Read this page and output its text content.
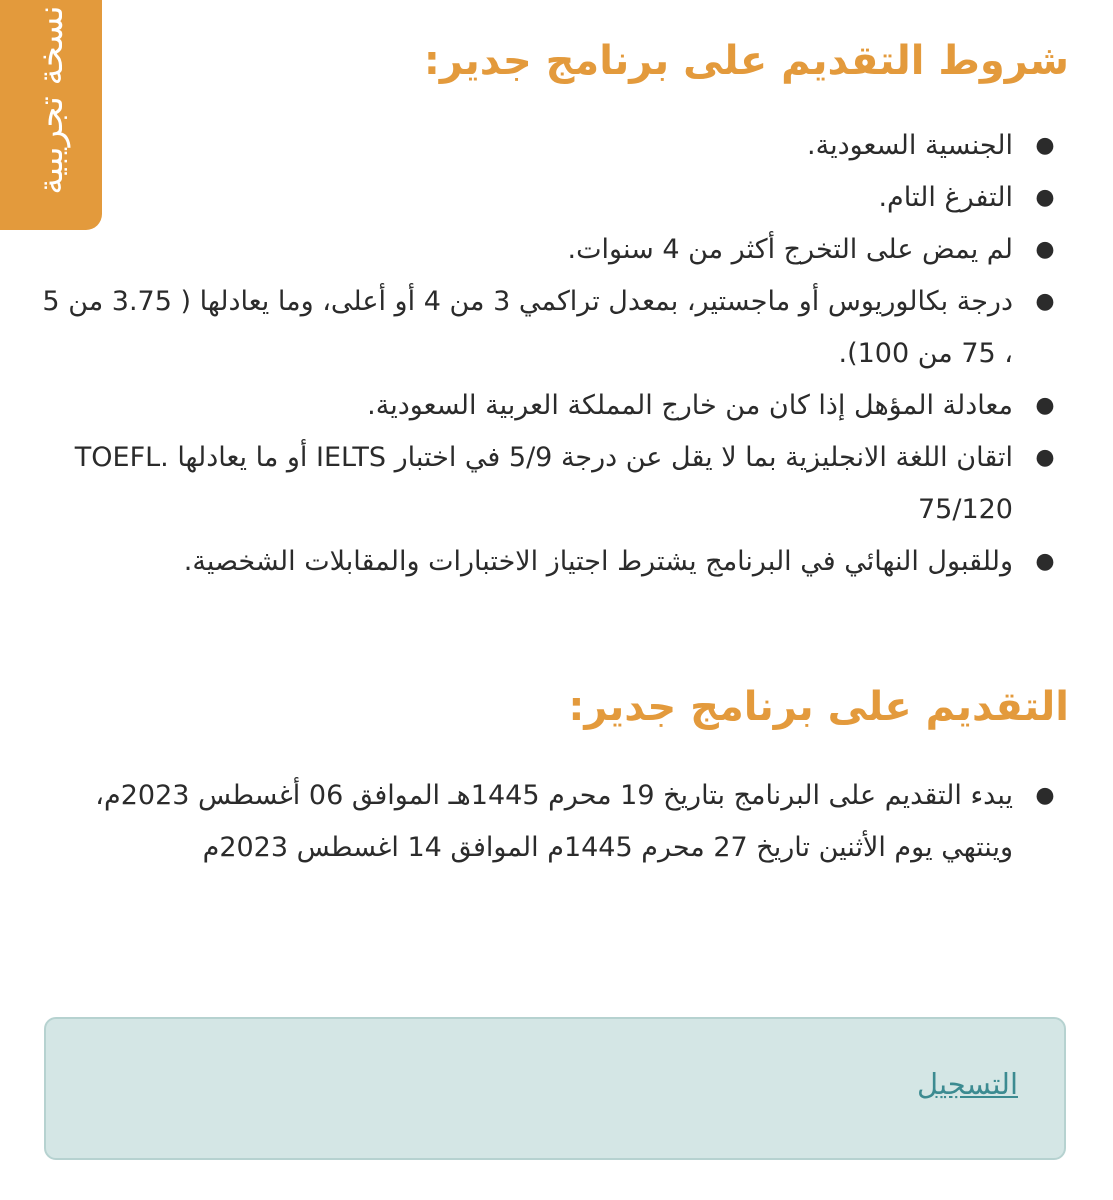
نسخة تجريبية	شروط التقديم على برنامج جدير:
●
الجنسية السعودية.
●
التفرغ التام.
●
لم يمض على التخرج أكثر من 4 سنوات.
●
درجة بكالوريوس أو ماجستير، بمعدل تراكمي 3 من 4 أو أعلى، وما يعادلها ( 3.75 من 5 ، 75 من 100).
●
معادلة المؤهل إذا كان من خارج المملكة العربية السعودية.
●
اتقان اللغة الانجليزية بما لا يقل عن درجة 5/9 في اختبار IELTS أو ما يعادلها TOEFL. 75/120
●
وللقبول النهائي في البرنامج يشترط اجتياز الاختبارات والمقابلات الشخصية.
التقديم على برنامج جدير:
●
يبدء التقديم على البرنامج بتاريخ 19 محرم 1445هـ الموافق 06 أغسطس 2023م، وينتهي يوم الأثنين تاريخ 27 محرم 1445م الموافق 14 اغسطس 2023م
التسجيل
